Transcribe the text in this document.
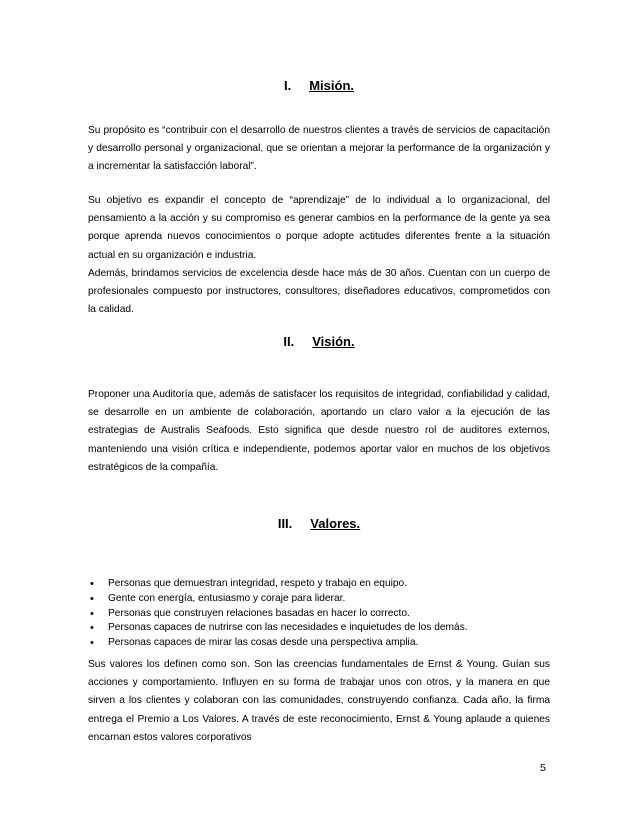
I. Misión.

Su propósito es “contribuir con el desarrollo de nuestros clientes a través de servicios de capacitación y desarrollo personal y organizacional, que se orientan a mejorar la performance de la organización y a incrementar la satisfacción laboral”.

Su objetivo es expandir el concepto de “aprendizaje” de lo individual a lo organizacional, del pensamiento a la acción y su compromiso es generar cambios en la performance de la gente ya sea porque aprenda nuevos conocimientos o porque adopte actitudes diferentes frente a la situación actual en su organización e industria.

Además, brindamos servicios de excelencia desde hace más de 30 años. Cuentan con un cuerpo de profesionales compuesto por instructores, consultores, diseñadores educativos, comprometidos con la calidad.

II. Visión.

Proponer una Auditoría que, además de satisfacer los requisitos de integridad, confiabilidad y calidad, se desarrolle en un ambiente de colaboración, aportando un claro valor a la ejecución de las estrategias de Australis Seafoods. Esto significa que desde nuestro rol de auditores externos, manteniendo una visión crítica e independiente, podemos aportar valor en muchos de los objetivos estratégicos de la compañía.

III. Valores.
• Personas que demuestran integridad, respeto y trabajo en equipo.
• Gente con energía, entusiasmo y coraje para liderar.
• Personas que construyen relaciones basadas en hacer lo correcto.
• Personas capaces de nutrirse con las necesidades e inquietudes de los demás.
• Personas capaces de mirar las cosas desde una perspectiva amplia.

Sus valores los definen como son. Son las creencias fundamentales de Ernst & Young. Guían sus acciones y comportamiento. Influyen en su forma de trabajar unos con otros, y la manera en que sirven a los clientes y colaboran con las comunidades, construyendo confianza. Cada año, la firma entrega el Premio a Los Valores. A través de este reconocimiento, Ernst & Young aplaude a quienes encarnan estos valores corporativos

5
